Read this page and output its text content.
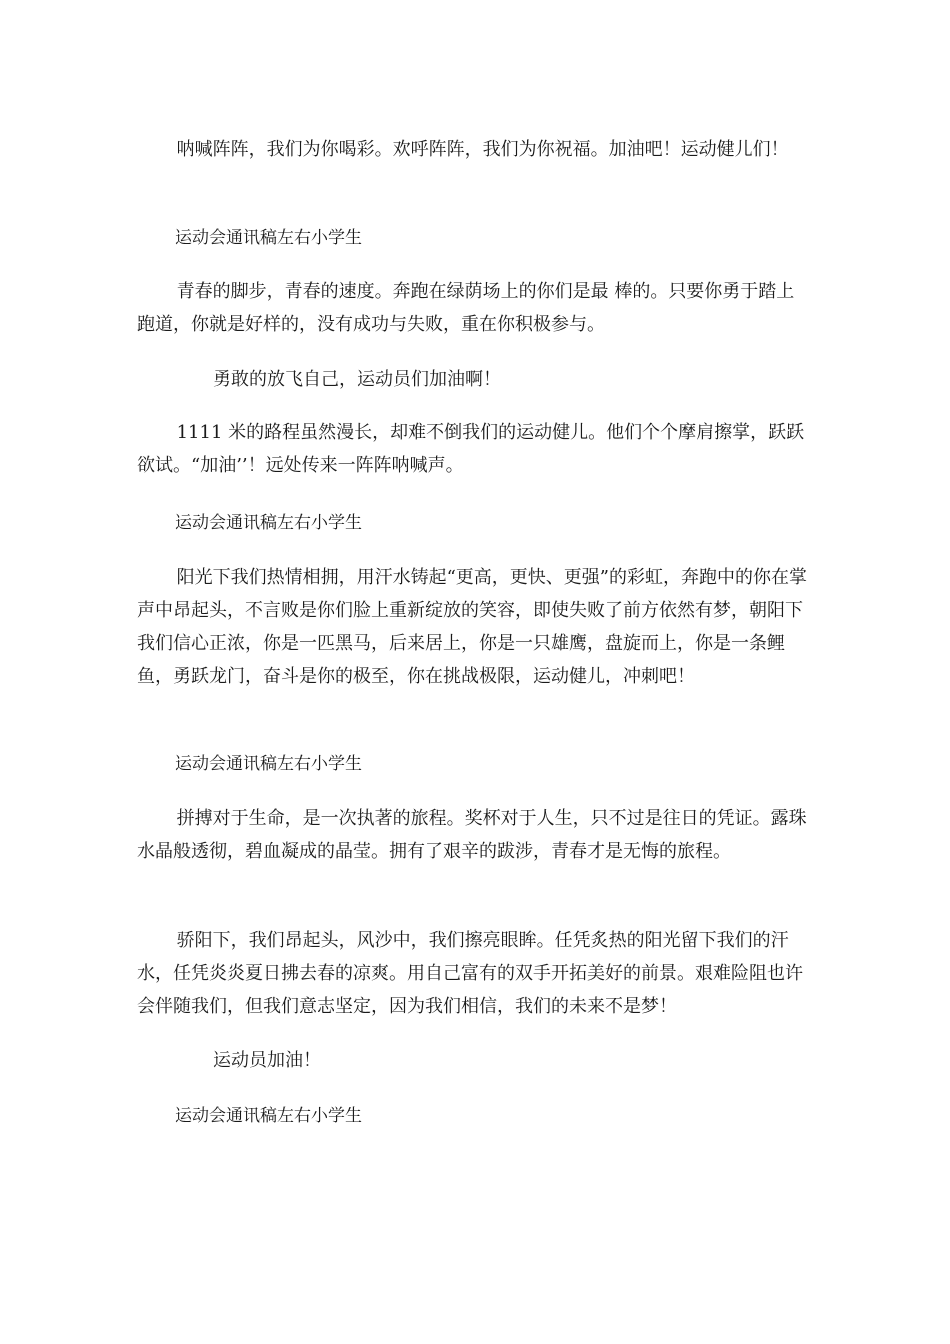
呐喊阵阵，我们为你喝彩。欢呼阵阵，我们为你祝福。加油吧！运动健儿们！

运动会通讯稿左右小学生

青春的脚步，青春的速度。奔跑在绿荫场上的你们是最 棒的。只要你勇于踏上跑道，你就是好样的，没有成功与失败，重在你积极参与。

勇敢的放飞自己，运动员们加油啊！

1111 米的路程虽然漫长，却难不倒我们的运动健儿。他们个个摩肩擦掌，跃跃欲试。“加油’’！远处传来一阵阵呐喊声。

运动会通讯稿左右小学生

阳光下我们热情相拥，用汗水铸起“更高，更快、更强”的彩虹，奔跑中的你在掌声中昂起头，不言败是你们脸上重新绽放的笑容，即使失败了前方依然有梦，朝阳下我们信心正浓，你是一匹黑马，后来居上，你是一只雄鹰，盘旋而上，你是一条鲤鱼，勇跃龙门，奋斗是你的极至，你在挑战极限，运动健儿，冲刺吧！

运动会通讯稿左右小学生

拼搏对于生命，是一次执著的旅程。奖杯对于人生，只不过是往日的凭证。露珠水晶般透彻，碧血凝成的晶莹。拥有了艰辛的跋涉，青春才是无悔的旅程。

骄阳下，我们昂起头，风沙中，我们擦亮眼眸。任凭炙热的阳光留下我们的汗水，任凭炎炎夏日拂去春的凉爽。用自己富有的双手开拓美好的前景。艰难险阻也许会伴随我们，但我们意志坚定，因为我们相信，我们的未来不是梦！

运动员加油！

运动会通讯稿左右小学生
